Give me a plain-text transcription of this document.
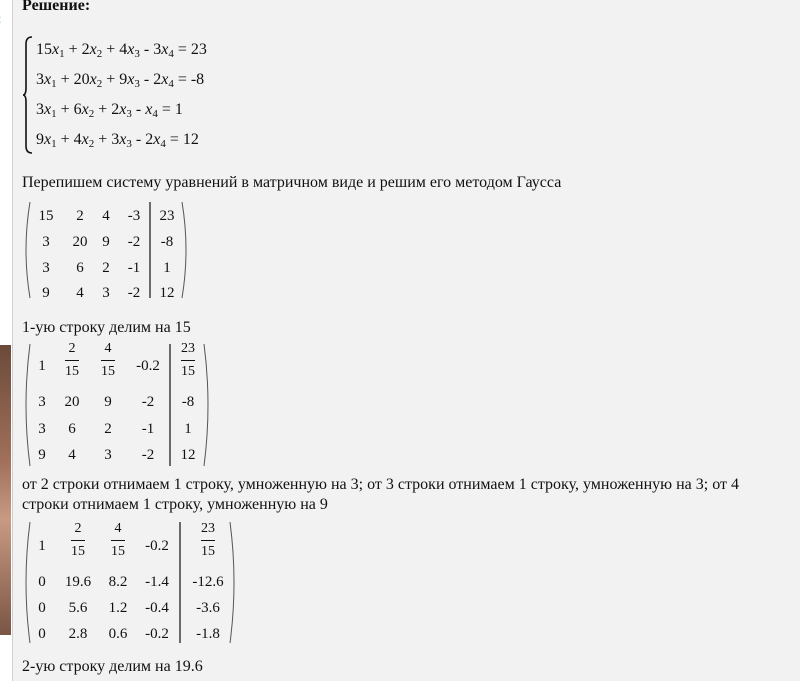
Решение:
$15x_1 + 2x_2 + 4x_3 - 3x_4 = 23$
$3x_1 + 20x_2 + 9x_3 - 2x_4 = -8$
$3x_1 + 6x_2 + 2x_3 - x_4 = 1$
$9x_1 + 4x_2 + 3x_3 - 2x_4 = 12$
Перепишем систему уравнений в матричном виде и решим его методом Гаусса
15 2 4 -3 23
3 20 9 -2 -8
3 6 2 -1 1
9 4 3 -2 12
1-ую строку делим на 15
1
2
15
4
15 -0.2
23
15
3 20 9 -2 -8
3 6 2 -1 1
9 4 3 -2 12
от 2 строки отнимаем 1 строку, умноженную на 3; от 3 строки отнимаем 1 строку, умноженную на 3; от 4
строки отнимаем 1 строку, умноженную на 9
1
2
15
4
15 -0.2
23
15
0 19.6 8.2 -1.4 -12.6
0 5.6 1.2 -0.4 -3.6
0 2.8 0.6 -0.2 -1.8
2-ую строку делим на 19.6
